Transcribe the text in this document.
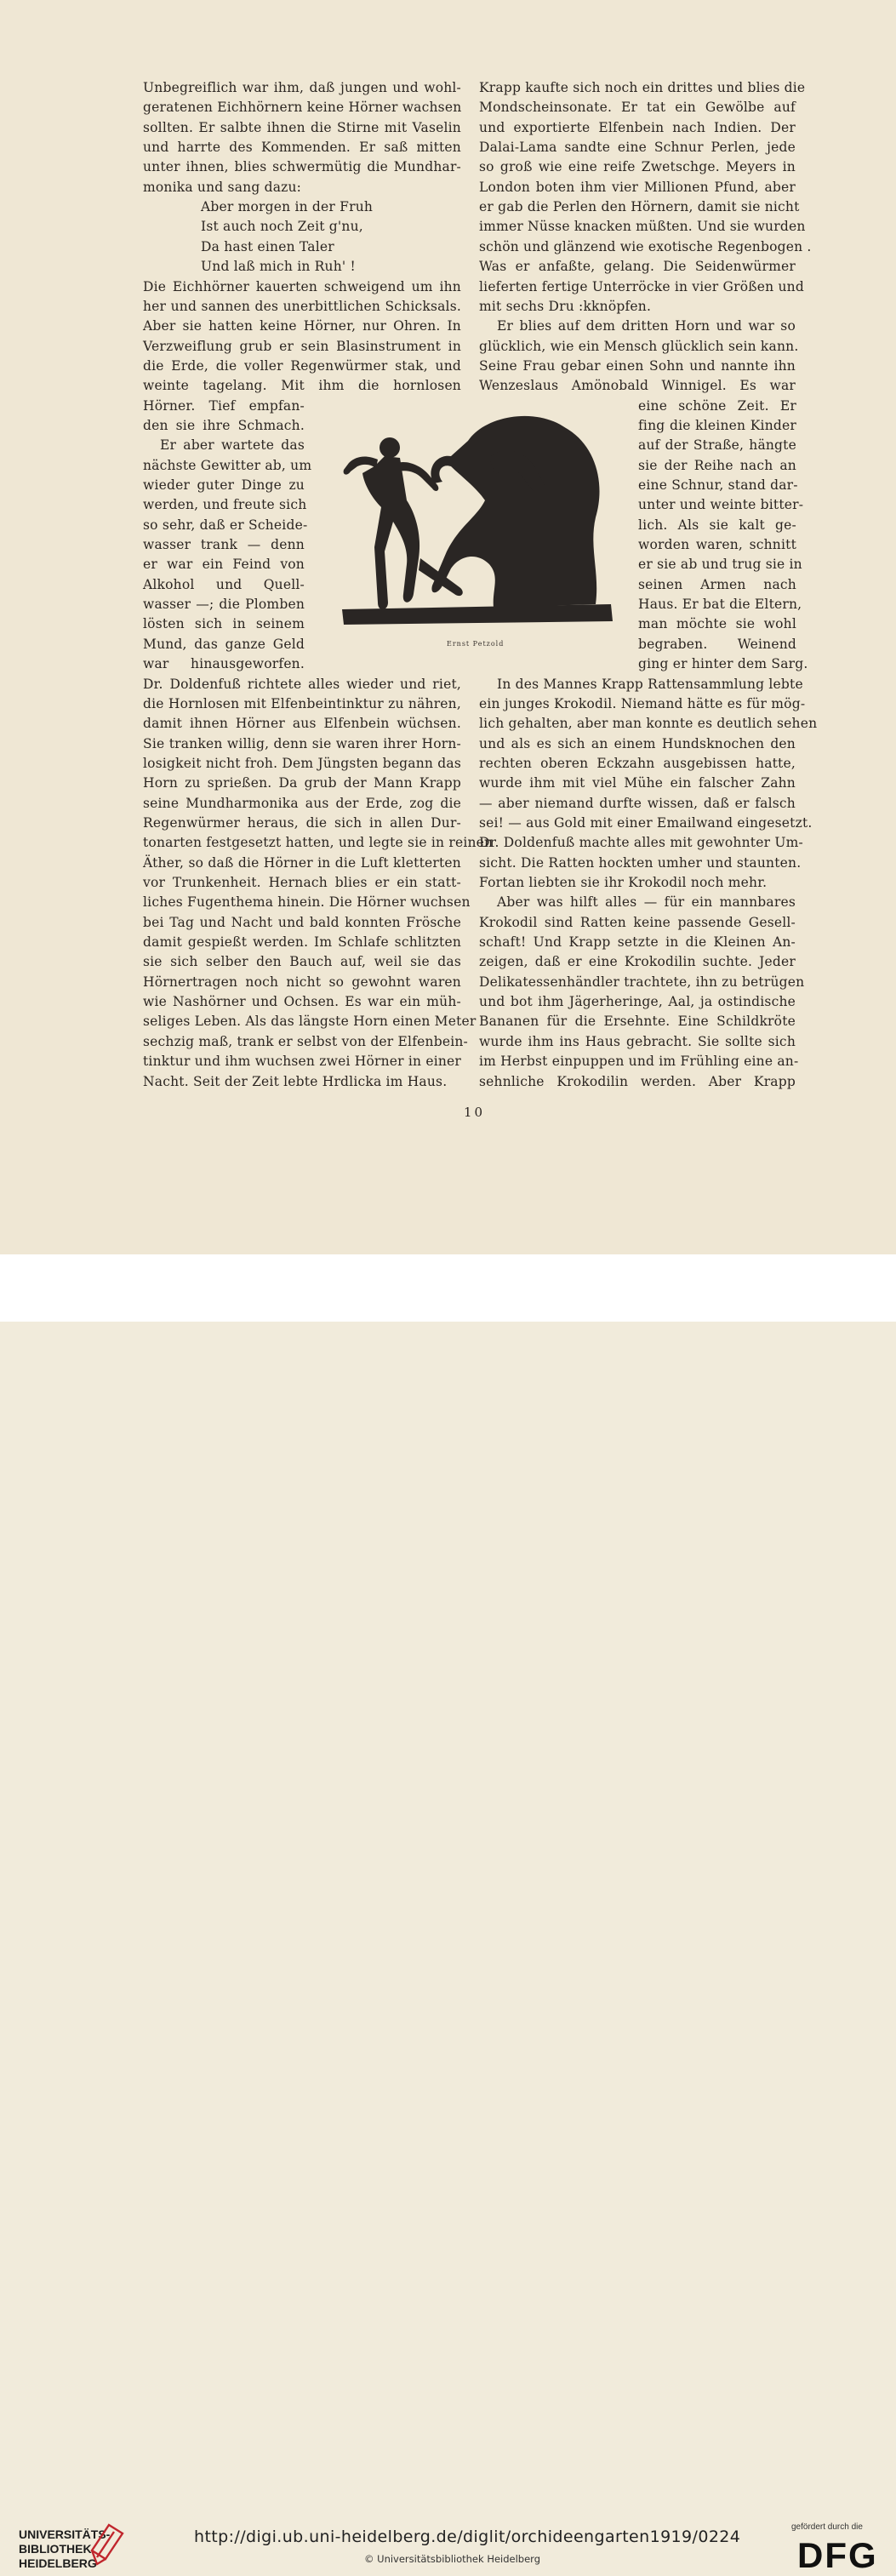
Unbegreiflich war ihm, daß jungen und wohl-
geratenen Eichhörnern keine Hörner wachsen
sollten. Er salbte ihnen die Stirne mit Vaselin
und harrte des Kommenden. Er saß mitten
unter ihnen, blies schwermütig die Mundhar-
monika und sang dazu:
Aber morgen in der Fruh
Ist auch noch Zeit g'nu,
Da hast einen Taler
Und laß mich in Ruh' !
Die Eichhörner kauerten schweigend um ihn
her und sannen des unerbittlichen Schicksals.
Aber sie hatten keine Hörner, nur Ohren. In
Verzweiflung grub er sein Blasinstrument in
die Erde, die voller Regenwürmer stak, und
weinte tagelang. Mit ihm die hornlosen
Hörner. Tief empfan-
den sie ihre Schmach.
Er aber wartete das
nächste Gewitter ab, um
wieder guter Dinge zu
werden, und freute sich
so sehr, daß er Scheide-
wasser trank — denn
er war ein Feind von
Alkohol und Quell-
wasser —; die Plomben
lösten sich in seinem
Mund, das ganze Geld
war hinausgeworfen.
Dr. Doldenfuß richtete alles wieder und riet,
die Hornlosen mit Elfenbeintinktur zu nähren,
damit ihnen Hörner aus Elfenbein wüchsen.
Sie tranken willig, denn sie waren ihrer Horn-
losigkeit nicht froh. Dem Jüngsten begann das
Horn zu sprießen. Da grub der Mann Krapp
seine Mundharmonika aus der Erde, zog die
Regenwürmer heraus, die sich in allen Dur-
tonarten festgesetzt hatten, und legte sie in reinen
Äther, so daß die Hörner in die Luft kletterten
vor Trunkenheit. Hernach blies er ein statt-
liches Fugenthema hinein. Die Hörner wuchsen
bei Tag und Nacht und bald konnten Frösche
damit gespießt werden. Im Schlafe schlitzten
sie sich selber den Bauch auf, weil sie das
Hörnertragen noch nicht so gewohnt waren
wie Nashörner und Ochsen. Es war ein müh-
seliges Leben. Als das längste Horn einen Meter
sechzig maß, trank er selbst von der Elfenbein-
tinktur und ihm wuchsen zwei Hörner in einer
Nacht. Seit der Zeit lebte Hrdlicka im Haus.
Krapp kaufte sich noch ein drittes und blies die
Mondscheinsonate. Er tat ein Gewölbe auf
und exportierte Elfenbein nach Indien. Der
Dalai-Lama sandte eine Schnur Perlen, jede
so groß wie eine reife Zwetschge. Meyers in
London boten ihm vier Millionen Pfund, aber
er gab die Perlen den Hörnern, damit sie nicht
immer Nüsse knacken müßten. Und sie wurden
schön und glänzend wie exotische Regenbogen .
Was er anfaßte, gelang. Die Seidenwürmer
lieferten fertige Unterröcke in vier Größen und
mit sechs Dru :kknöpfen.
Er blies auf dem dritten Horn und war so
glücklich, wie ein Mensch glücklich sein kann.
Seine Frau gebar einen Sohn und nannte ihn
Wenzeslaus Amönobald Winnigel. Es war
eine schöne Zeit. Er
fing die kleinen Kinder
auf der Straße, hängte
sie der Reihe nach an
eine Schnur, stand dar-
unter und weinte bitter-
lich. Als sie kalt ge-
worden waren, schnitt
er sie ab und trug sie in
seinen Armen nach
Haus. Er bat die Eltern,
man möchte sie wohl
begraben. Weinend
ging er hinter dem Sarg.
In des Mannes Krapp Rattensammlung lebte
ein junges Krokodil. Niemand hätte es für mög-
lich gehalten, aber man konnte es deutlich sehen
und als es sich an einem Hundsknochen den
rechten oberen Eckzahn ausgebissen hatte,
wurde ihm mit viel Mühe ein falscher Zahn
— aber niemand durfte wissen, daß er falsch
sei! — aus Gold mit einer Emailwand eingesetzt.
Dr. Doldenfuß machte alles mit gewohnter Um-
sicht. Die Ratten hockten umher und staunten.
Fortan liebten sie ihr Krokodil noch mehr.
Aber was hilft alles — für ein mannbares
Krokodil sind Ratten keine passende Gesell-
schaft! Und Krapp setzte in die Kleinen An-
zeigen, daß er eine Krokodilin suchte. Jeder
Delikatessenhändler trachtete, ihn zu betrügen
und bot ihm Jägerheringe, Aal, ja ostindische
Bananen für die Ersehnte. Eine Schildkröte
wurde ihm ins Haus gebracht. Sie sollte sich
im Herbst einpuppen und im Frühling eine an-
sehnliche Krokodilin werden. Aber Krapp
Ernst Petzold
10
UNIVERSITÄTS- BIBLIOTHEK HEIDELBERG
http://digi.ub.uni-heidelberg.de/diglit/orchideengarten1919/0224
© Universitätsbibliothek Heidelberg
gefördert durch die
DFG
